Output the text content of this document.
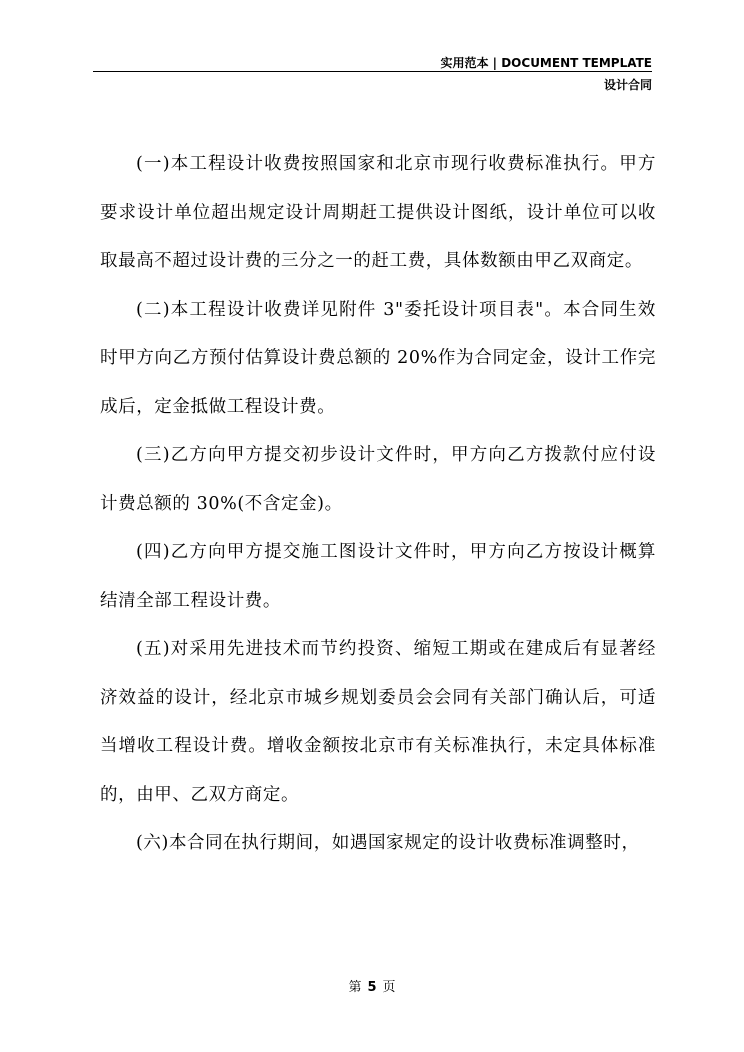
实用范本 | DOCUMENT TEMPLATE
设计合同

(一)本工程设计收费按照国家和北京市现行收费标准执行。甲方要求设计单位超出规定设计周期赶工提供设计图纸，设计单位可以收取最高不超过设计费的三分之一的赶工费，具体数额由甲乙双商定。

(二)本工程设计收费详见附件 3"委托设计项目表"。本合同生效时甲方向乙方预付估算设计费总额的 20%作为合同定金，设计工作完成后，定金抵做工程设计费。

(三)乙方向甲方提交初步设计文件时，甲方向乙方拨款付应付设计费总额的 30%(不含定金)。

(四)乙方向甲方提交施工图设计文件时，甲方向乙方按设计概算结清全部工程设计费。

(五)对采用先进技术而节约投资、缩短工期或在建成后有显著经济效益的设计，经北京市城乡规划委员会会同有关部门确认后，可适当增收工程设计费。增收金额按北京市有关标准执行，未定具体标准的，由甲、乙双方商定。

(六)本合同在执行期间，如遇国家规定的设计收费标准调整时，

第 5 页
